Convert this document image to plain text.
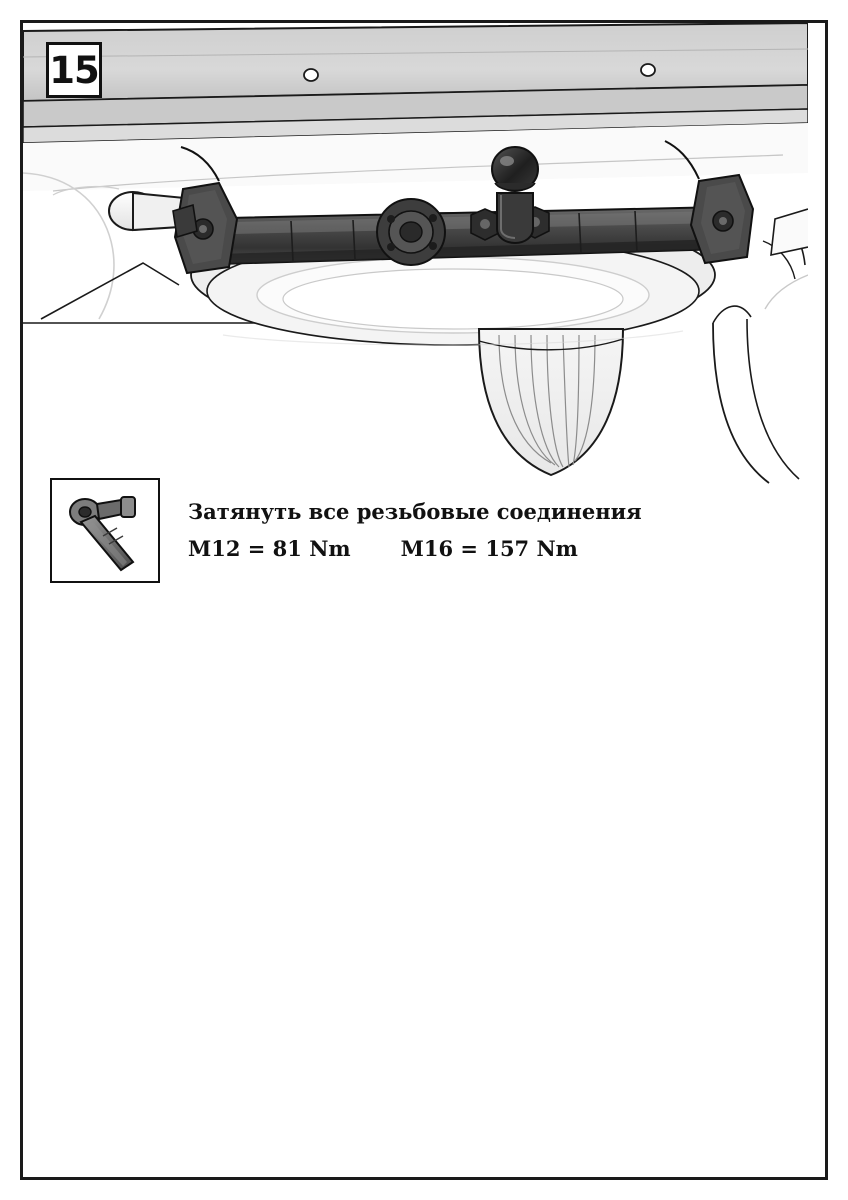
Затянуть все резьбовые соединения
M12 = 81 Nm M16 = 157 Nm
15
